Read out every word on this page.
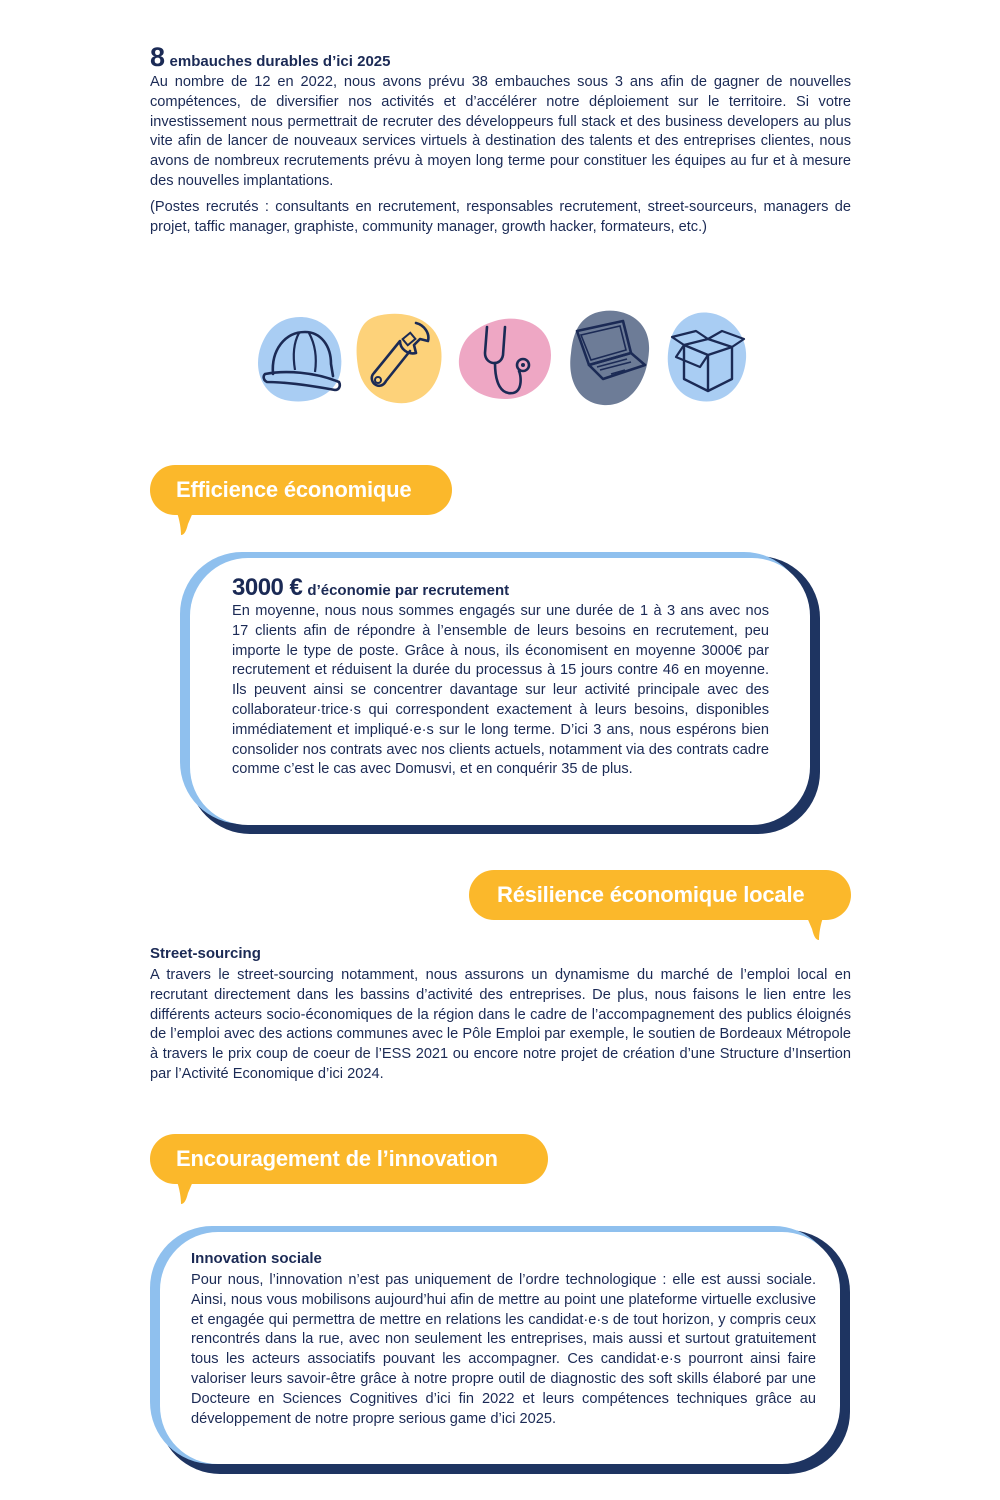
8 embauches durables d’ici 2025

Au nombre de 12 en 2022, nous avons prévu 38 embauches sous 3 ans afin de gagner de nouvelles compétences, de diversifier nos activités et d’accélérer notre déploiement sur le territoire. Si votre investissement nous permettrait de recruter des développeurs full stack et des business developers au plus vite afin de lancer de nouveaux services virtuels à destination des talents et des entreprises clientes, nous avons de nombreux recrutements prévu à moyen long terme pour constituer les équipes au fur et à mesure des nouvelles implantations.

(Postes recrutés : consultants en recrutement, responsables recrutement, street-sourceurs, managers de projet, taffic manager, graphiste, community manager, growth hacker, formateurs, etc.)

Efficience économique
3000 € d’économie par recrutement

En moyenne, nous nous sommes engagés sur une durée de 1 à 3 ans avec nos 17 clients afin de répondre à l’ensemble de leurs besoins en recrutement, peu importe le type de poste. Grâce à nous, ils économisent en moyenne 3000€ par recrutement et réduisent la durée du processus à 15 jours contre 46 en moyenne. Ils peuvent ainsi se concentrer davantage sur leur activité principale avec des collaborateur·trice·s qui correspondent exactement à leurs besoins, disponibles immédiatement et impliqué·e·s sur le long terme. D’ici 3 ans, nous espérons bien consolider nos contrats avec nos clients actuels, notamment via des contrats cadre comme c’est le cas avec Domusvi, et en conquérir 35 de plus.

Résilience économique locale

Street-sourcing

A travers le street-sourcing notamment, nous assurons un dynamisme du marché de l’emploi local en recrutant directement dans les bassins d’activité des entreprises. De plus, nous faisons le lien entre les différents acteurs socio-économiques de la région dans le cadre de l’accompagnement des publics éloignés de l’emploi avec des actions communes avec le Pôle Emploi par exemple, le soutien de Bordeaux Métropole à travers le prix coup de coeur de l’ESS 2021 ou encore notre projet de création d’une Structure d’Insertion par l’Activité Economique d’ici 2024.

Encouragement de l’innovation

Innovation sociale

Pour nous, l’innovation n’est pas uniquement de l’ordre technologique : elle est aussi sociale. Ainsi, nous vous mobilisons aujourd’hui afin de mettre au point une plateforme virtuelle exclusive et engagée qui permettra de mettre en relations les candidat·e·s de tout horizon, y compris ceux rencontrés dans la rue, avec non seulement les entreprises, mais aussi et surtout gratuitement tous les acteurs associatifs pouvant les accompagner. Ces candidat·e·s pourront ainsi faire valoriser leurs savoir-être grâce à notre propre outil de diagnostic des soft skills élaboré par une Docteure en Sciences Cognitives d’ici fin 2022 et leurs compétences techniques grâce au développement de notre propre serious game d’ici 2025.
